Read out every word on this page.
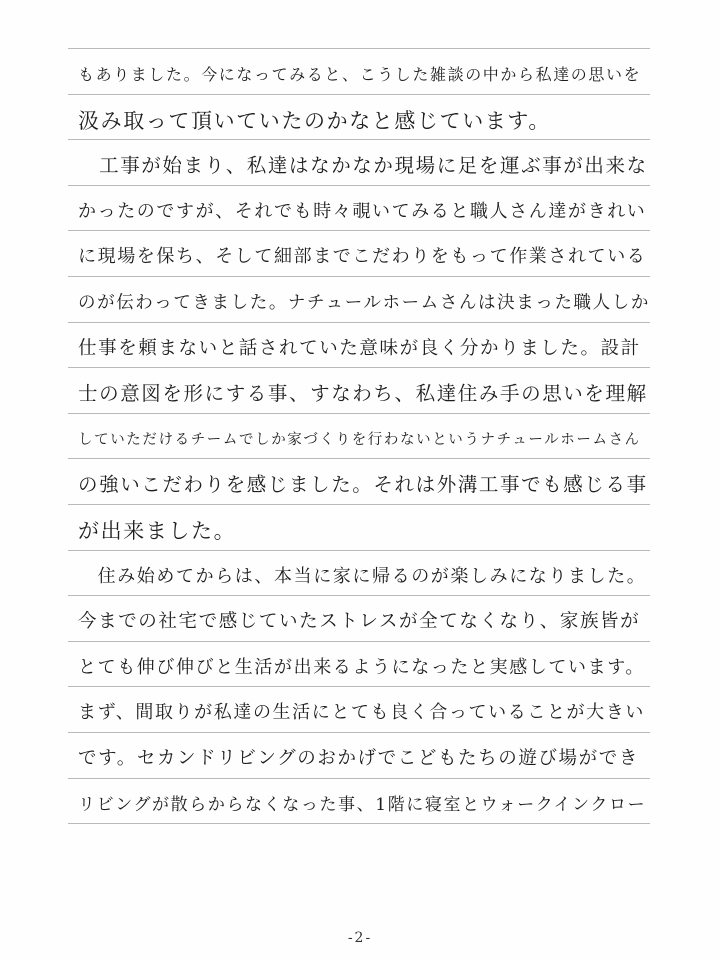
もありました。今になってみると、こうした雑談の中から私達の思いを
汲み取って頂いていたのかなと感じています。
　工事が始まり、私達はなかなか現場に足を運ぶ事が出来な
かったのですが、それでも時々覗いてみると職人さん達がきれい
に現場を保ち、そして細部までこだわりをもって作業されている
のが伝わってきました。ナチュールホームさんは決まった職人しか
仕事を頼まないと話されていた意味が良く分かりました。設計
士の意図を形にする事、すなわち、私達住み手の思いを理解
していただけるチームでしか家づくりを行わないというナチュールホームさん
の強いこだわりを感じました。それは外溝工事でも感じる事
が出来ました。
　住み始めてからは、本当に家に帰るのが楽しみになりました。
今までの社宅で感じていたストレスが全てなくなり、家族皆が
とても伸び伸びと生活が出来るようになったと実感しています。
まず、間取りが私達の生活にとても良く合っていることが大きい
です。セカンドリビングのおかげでこどもたちの遊び場ができ
リビングが散らからなくなった事、1階に寝室とウォークインクロー
-2-
